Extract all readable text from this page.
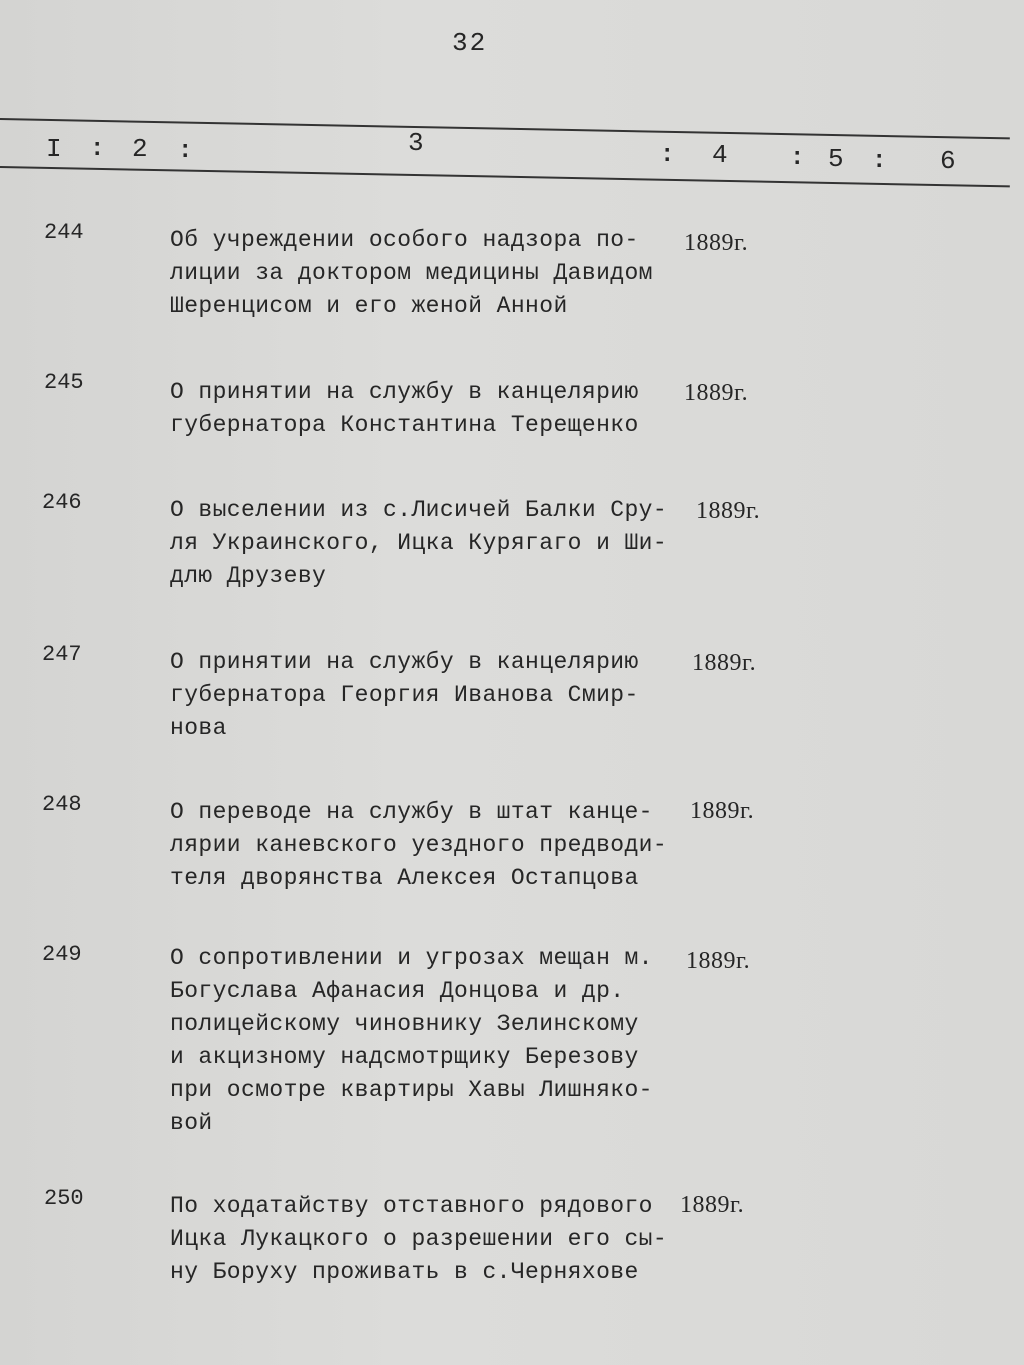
32
I : 2 :	3	: 4	: 5 : 6
244	Об учреждении особого надзора по-
лиции за доктором медицины Давидом
Шеренцисом и его женой Анной
1889г.
245	О принятии на службу в канцелярию
губернатора Константина Терещенко
1889г.
246	О выселении из с.Лисичей Балки Сру-
ля Украинского, Ицка Курягаго и Ши-
длю Друзеву
1889г.
247	О принятии на службу в канцелярию
губернатора Георгия Иванова Смир-
нова
1889г.
248	О переводе на службу в штат канце-
лярии каневского уездного предводи-
теля дворянства Алексея Остапцова
1889г.
249	О сопротивлении и угрозах мещан м.
Богуслава Афанасия Донцова и др.
полицейскому чиновнику Зелинскому
и акцизному надсмотрщику Березову
при осмотре квартиры Хавы Лишняко-
вой
1889г.
250	По ходатайству отставного рядового
Ицка Лукацкого о разрешении его сы-
ну Боруху проживать в с.Черняхове
1889г.
